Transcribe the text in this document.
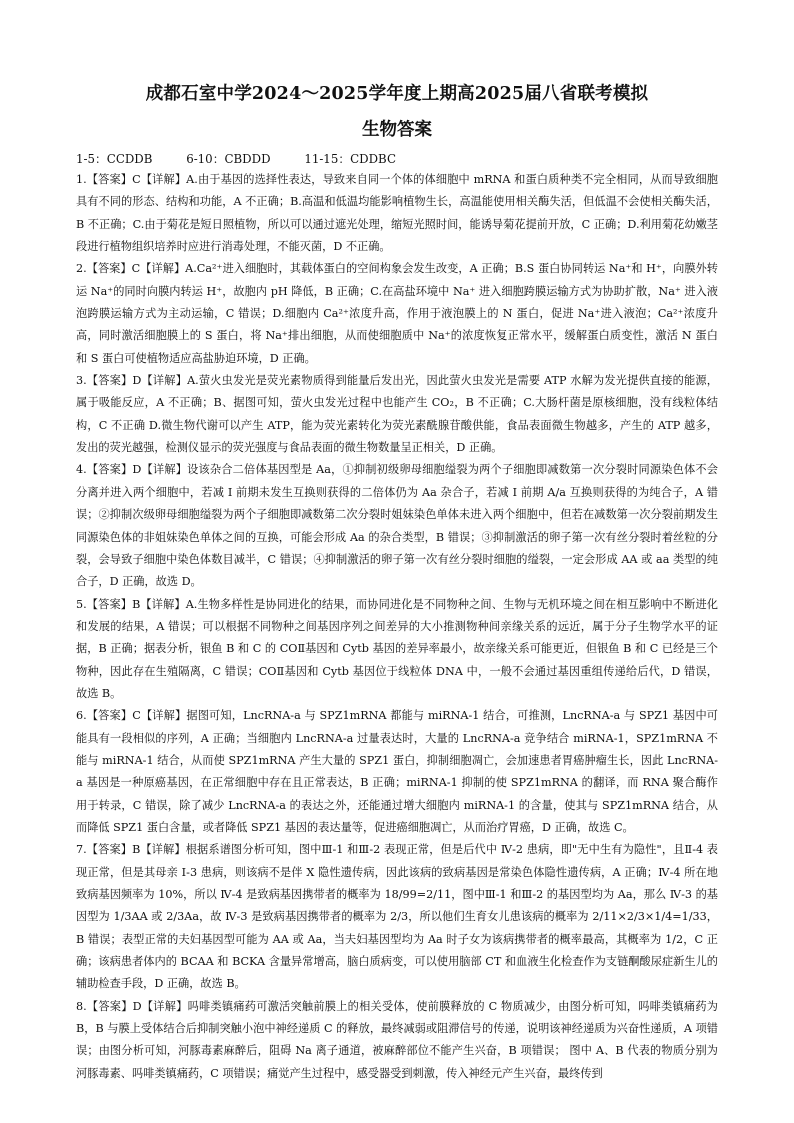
成都石室中学2024～2025学年度上期高2025届八省联考模拟
生物答案
1-5：CCDDB	6-10：CBDDD	11-15：CDDBC

1.【答案】C【详解】A.由于基因的选择性表达，导致来自同一个体的体细胞中 mRNA 和蛋白质种类不完全相同，从而导致细胞具有不同的形态、结构和功能，A 不正确；B.高温和低温均能影响植物生长，高温能使用相关酶失活，但低温不会使相关酶失活，B 不正确；C.由于菊花是短日照植物，所以可以通过遮光处理，缩短光照时间，能诱导菊花提前开放，C 正确；D.利用菊花幼嫩茎段进行植物组织培养时应进行消毒处理，不能灭菌，D 不正确。

2.【答案】C【详解】A.Ca²⁺进入细胞时，其载体蛋白的空间构象会发生改变，A 正确；B.S 蛋白协同转运 Na⁺和 H⁺，向膜外转运 Na⁺的同时向膜内转运 H⁺，故胞内 pH 降低，B 正确；C.在高盐环境中 Na⁺ 进入细胞跨膜运输方式为协助扩散，Na⁺ 进入液泡跨膜运输方式为主动运输，C 错误；D.细胞内 Ca²⁺浓度升高，作用于液泡膜上的 N 蛋白，促进 Na⁺进入液泡；Ca²⁺浓度升高，同时激活细胞膜上的 S 蛋白，将 Na⁺排出细胞，从而使细胞质中 Na⁺的浓度恢复正常水平，缓解蛋白质变性，激活 N 蛋白和 S 蛋白可使植物适应高盐胁迫环境，D 正确。

3.【答案】D【详解】A.萤火虫发光是荧光素物质得到能量后发出光，因此萤火虫发光是需要 ATP 水解为发光提供直接的能源，属于吸能反应，A 不正确；B、据图可知，萤火虫发光过程中也能产生 CO₂，B 不正确；C.大肠杆菌是原核细胞，没有线粒体结构，C 不正确 D.微生物代谢可以产生 ATP，能为荧光素转化为荧光素酰腺苷酸供能，食品表面微生物越多，产生的 ATP 越多，发出的荧光越强，检测仪显示的荧光强度与食品表面的微生物数量呈正相关，D 正确。

4.【答案】D【详解】设该杂合二倍体基因型是 Aa，①抑制初级卵母细胞缢裂为两个子细胞即减数第一次分裂时同源染色体不会分离并进入两个细胞中，若减 I 前期未发生互换则获得的二倍体仍为 Aa 杂合子，若减 I 前期 A/a 互换则获得的为纯合子，A 错误；②抑制次级卵母细胞缢裂为两个子细胞即减数第二次分裂时姐妹染色单体未进入两个细胞中，但若在减数第一次分裂前期发生同源染色体的非姐妹染色单体之间的互换，可能会形成 Aa 的杂合类型，B 错误；③抑制激活的卵子第一次有丝分裂时着丝粒的分裂，会导致子细胞中染色体数目减半，C 错误；④抑制激活的卵子第一次有丝分裂时细胞的缢裂，一定会形成 AA 或 aa 类型的纯合子，D 正确，故选 D。

5.【答案】B【详解】A.生物多样性是协同进化的结果，而协同进化是不同物种之间、生物与无机环境之间在相互影响中不断进化和发展的结果，A 错误；可以根据不同物种之间基因序列之间差异的大小推测物种间亲缘关系的远近，属于分子生物学水平的证据，B 正确；据表分析，银鱼 B 和 C 的 COⅡ基因和 Cytb 基因的差异率最小，故亲缘关系可能更近，但银鱼 B 和 C 已经是三个物种，因此存在生殖隔离，C 错误；COⅡ基因和 Cytb 基因位于线粒体 DNA 中，一般不会通过基因重组传递给后代，D 错误，故选 B。

6.【答案】C【详解】据图可知，LncRNA-a 与 SPZ1mRNA 都能与 miRNA-1 结合，可推测，LncRNA-a 与 SPZ1 基因中可能具有一段相似的序列，A 正确；当细胞内 LncRNA-a 过量表达时，大量的 LncRNA-a 竞争结合 miRNA-1，SPZ1mRNA 不能与 miRNA-1 结合，从而使 SPZ1mRNA 产生大量的 SPZ1 蛋白，抑制细胞凋亡，会加速患者胃癌肿瘤生长，因此 LncRNA-a 基因是一种原癌基因，在正常细胞中存在且正常表达，B 正确；miRNA-1 抑制的使 SPZ1mRNA 的翻译，而 RNA 聚合酶作用于转录，C 错误，除了减少 LncRNA-a 的表达之外，还能通过增大细胞内 miRNA-1 的含量，使其与 SPZ1mRNA 结合，从而降低 SPZ1 蛋白含量，或者降低 SPZ1 基因的表达量等，促进癌细胞凋亡，从而治疗胃癌，D 正确，故选 C。

7.【答案】B【详解】根据系谱图分析可知，图中Ⅲ-1 和Ⅲ-2 表现正常，但是后代中 Ⅳ-2 患病，即"无中生有为隐性"，且Ⅱ-4 表现正常，但是其母亲 Ⅰ-3 患病，则该病不是伴 X 隐性遗传病，因此该病的致病基因是常染色体隐性遗传病，A 正确；Ⅳ-4 所在地致病基因频率为 10%，所以 Ⅳ-4 是致病基因携带者的概率为 18/99=2/11，图中Ⅲ-1 和Ⅲ-2 的基因型均为 Aa，那么 Ⅳ-3 的基因型为 1/3AA 或 2/3Aa，故 Ⅳ-3 是致病基因携带者的概率为 2/3，所以他们生育女儿患该病的概率为 2/11×2/3×1/4=1/33，B 错误；表型正常的夫妇基因型可能为 AA 或 Aa，当夫妇基因型均为 Aa 时子女为该病携带者的概率最高，其概率为 1/2，C 正确；该病患者体内的 BCAA 和 BCKA 含量异常增高，脑白质病变，可以使用脑部 CT 和血液生化检查作为支链酮酸尿症新生儿的辅助检查手段，D 正确，故选 B。

8.【答案】D【详解】吗啡类镇痛药可激活突触前膜上的相关受体，使前膜释放的 C 物质减少，由图分析可知，吗啡类镇痛药为 B，B 与膜上受体结合后抑制突触小泡中神经递质 C 的释放，最终减弱或阻滞信号的传递，说明该神经递质为兴奋性递质，A 项错误；由图分析可知，河豚毒素麻醉后，阻碍 Na 离子通道，被麻醉部位不能产生兴奋，B 项错误； 图中 A、B 代表的物质分别为河豚毒素、吗啡类镇痛药，C 项错误；痛觉产生过程中，感受器受到刺激，传入神经元产生兴奋，最终传到
